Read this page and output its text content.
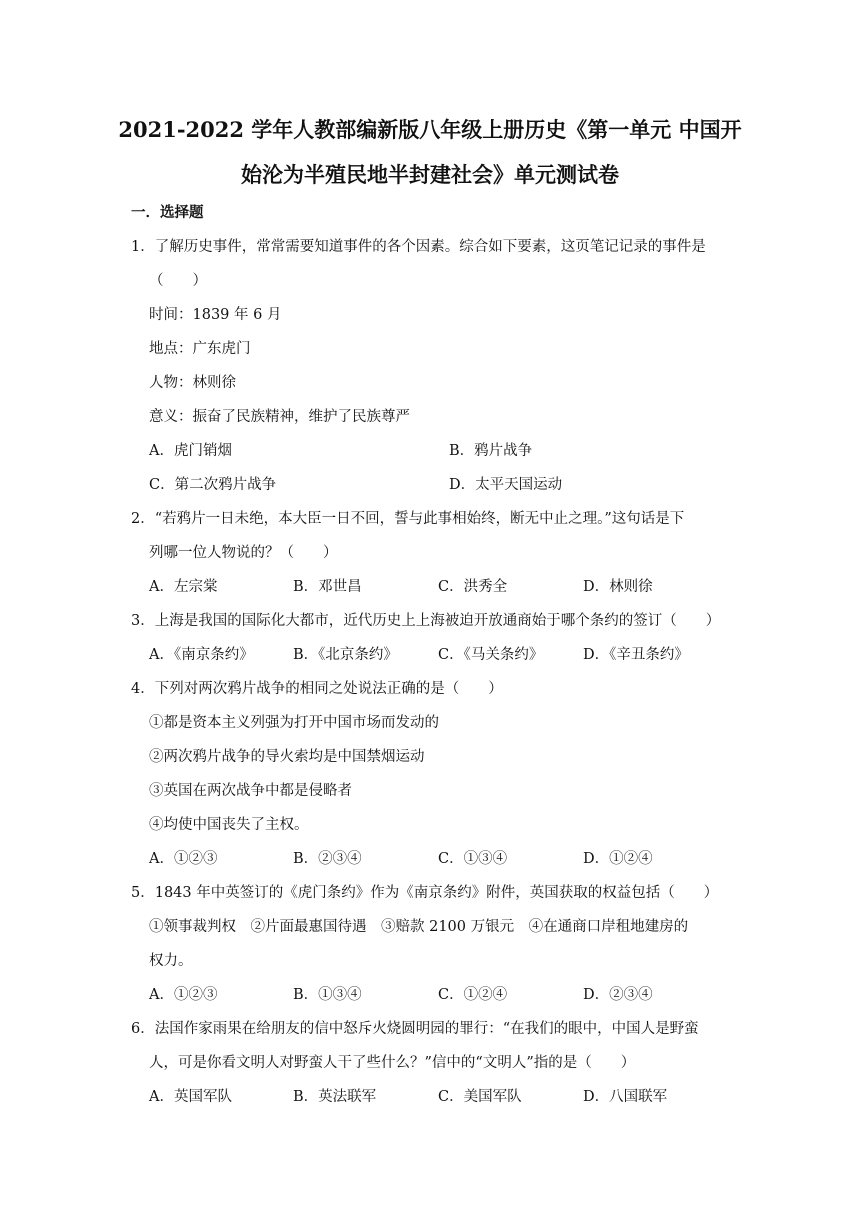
2021-2022 学年人教部编新版八年级上册历史《第一单元 中国开
始沦为半殖民地半封建社会》单元测试卷

一．选择题

1．了解历史事件，常常需要知道事件的各个因素。综合如下要素，这页笔记记录的事件是

（　　）

时间：1839 年 6 月

地点：广东虎门

人物：林则徐

意义：振奋了民族精神，维护了民族尊严

A．虎门销烟	B．鸦片战争

C．第二次鸦片战争	D．太平天国运动

2．“若鸦片一日未绝，本大臣一日不回，誓与此事相始终，断无中止之理。”这句话是下

列哪一位人物说的？（　　）

A．左宗棠	B．邓世昌	C．洪秀全	D．林则徐

3．上海是我国的国际化大都市，近代历史上上海被迫开放通商始于哪个条约的签订（　　）

A．《南京条约》	B．《北京条约》	C．《马关条约》	D．《辛丑条约》

4．下列对两次鸦片战争的相同之处说法正确的是（　　）

①都是资本主义列强为打开中国市场而发动的

②两次鸦片战争的导火索均是中国禁烟运动

③英国在两次战争中都是侵略者

④均使中国丧失了主权。

A．①②③	B．②③④	C．①③④	D．①②④

5．1843 年中英签订的《虎门条约》作为《南京条约》附件，英国获取的权益包括（　　）

①领事裁判权　②片面最惠国待遇　③赔款 2100 万银元　④在通商口岸租地建房的

权力。

A．①②③	B．①③④	C．①②④	D．②③④

6．法国作家雨果在给朋友的信中怒斥火烧圆明园的罪行：“在我们的眼中，中国人是野蛮

人，可是你看文明人对野蛮人干了些什么？”信中的“文明人”指的是（　　）

A．英国军队	B．英法联军	C．美国军队	D．八国联军
